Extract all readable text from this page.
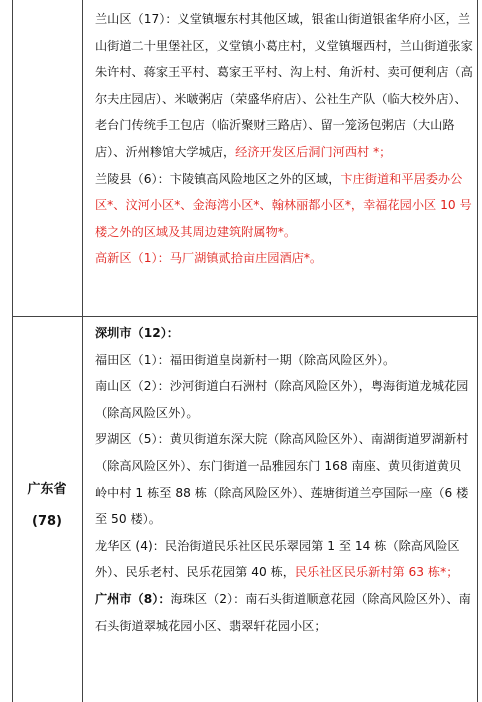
兰山区（17）：义堂镇堰东村其他区域，银雀山街道银雀华府小区，兰山街道二十里堡社区，义堂镇小葛庄村，义堂镇堰西村，兰山街道张家朱许村、蒋家王平村、葛家王平村、沟上村、角沂村、卖可便利店（高尔夫庄园店）、米啵粥店（荣盛华府店）、公社生产队（临大校外店）、老台门传统手工包店（临沂聚财三路店）、留一笼汤包粥店（大山路店）、沂州糁馆大学城店，经济开发区后洞门河西村 *；

兰陵县（6）：卞陵镇高风险地区之外的区域，卞庄街道和平居委办公区*、汶河小区*、金海湾小区*、翰林丽都小区*，幸福花园小区 10 号楼之外的区域及其周边建筑附属物*。

高新区（1）：马厂湖镇贰拾亩庄园酒店*。

广东省
(78)

深圳市（12）：

福田区（1）：福田街道皇岗新村一期（除高风险区外）。

南山区（2）：沙河街道白石洲村（除高风险区外），粤海街道龙城花园（除高风险区外）。

罗湖区（5）：黄贝街道东深大院（除高风险区外）、南湖街道罗湖新村（除高风险区外）、东门街道一品雅园东门 168 南座、黄贝街道黄贝岭中村 1 栋至 88 栋（除高风险区外）、莲塘街道兰亭国际一座（6 楼至 50 楼）。

龙华区 (4)：民治街道民乐社区民乐翠园第 1 至 14 栋（除高风险区外）、民乐老村、民乐花园第 40 栋，民乐社区民乐新村第 63 栋*；

广州市（8）：海珠区（2）：南石头街道顺意花园（除高风险区外）、南石头街道翠城花园小区、翡翠轩花园小区；
